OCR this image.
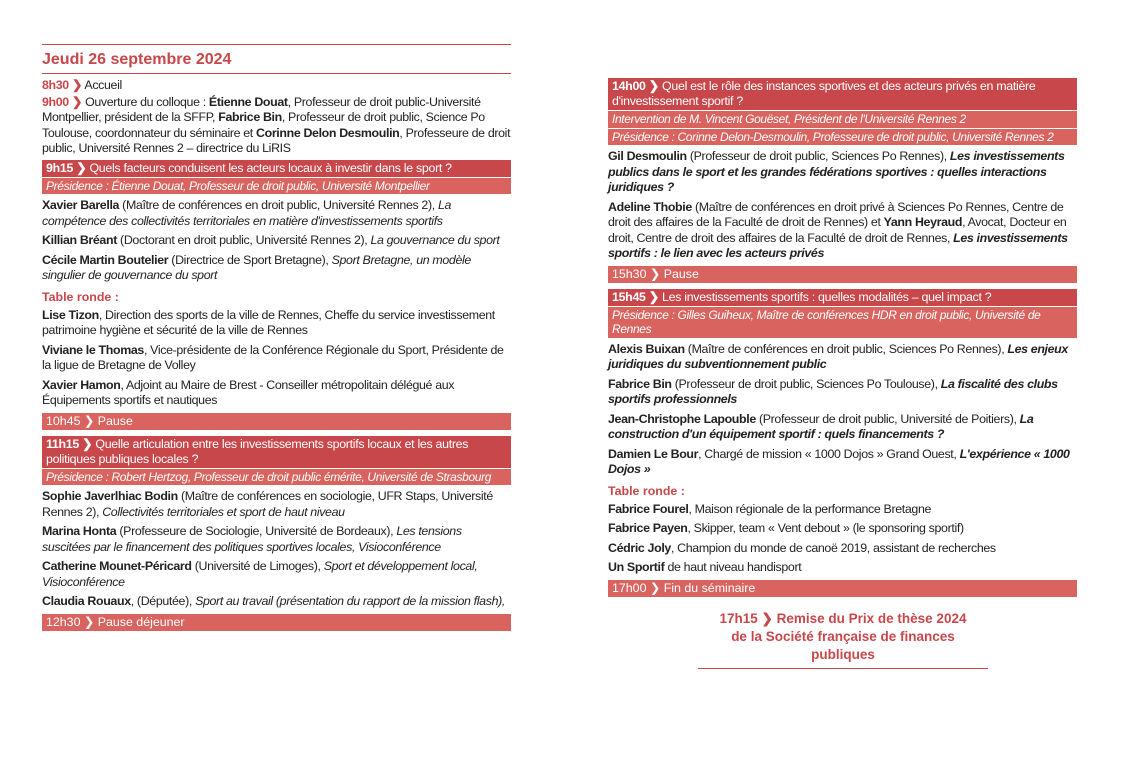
Jeudi 26 septembre 2024
8h30 ❯ Accueil
9h00 ❯ Ouverture du colloque : Étienne Douat, Professeur de droit public-Université Montpellier, président de la SFFP, Fabrice Bin, Professeur de droit public, Science Po Toulouse, coordonnateur du séminaire et Corinne Delon Desmoulin, Professeure de droit public, Université Rennes 2 – directrice du LiRIS
9h15 ❯ Quels facteurs conduisent les acteurs locaux à investir dans le sport ?
Présidence : Étienne Douat, Professeur de droit public, Université Montpellier
Xavier Barella (Maître de conférences en droit public, Université Rennes 2), La compétence des collectivités territoriales en matière d'investissements sportifs
Killian Bréant (Doctorant en droit public, Université Rennes 2), La gouvernance du sport
Cécile Martin Boutelier (Directrice de Sport Bretagne), Sport Bretagne, un modèle singulier de gouvernance du sport
Table ronde :
Lise Tizon, Direction des sports de la ville de Rennes, Cheffe du service investissement patrimoine hygiène et sécurité de la ville de Rennes
Viviane le Thomas, Vice-présidente de la Conférence Régionale du Sport, Présidente de la ligue de Bretagne de Volley
Xavier Hamon, Adjoint au Maire de Brest - Conseiller métropolitain délégué aux Équipements sportifs et nautiques
10h45 ❯ Pause
11h15 ❯ Quelle articulation entre les investissements sportifs locaux et les autres politiques publiques locales ?
Présidence : Robert Hertzog, Professeur de droit public émérite, Université de Strasbourg
Sophie Javerlhiac Bodin (Maître de conférences en sociologie, UFR Staps, Université Rennes 2), Collectivités territoriales et sport de haut niveau
Marina Honta (Professeure de Sociologie, Université de Bordeaux), Les tensions suscitées par le financement des politiques sportives locales, Visioconférence
Catherine Mounet-Péricard (Université de Limoges), Sport et développement local, Visioconférence
Claudia Rouaux, (Députée), Sport au travail (présentation du rapport de la mission flash),
12h30 ❯ Pause déjeuner
14h00 ❯ Quel est le rôle des instances sportives et des acteurs privés en matière d'investissement sportif ?
Intervention de M. Vincent Gouëset, Président de l'Université Rennes 2
Présidence : Corinne Delon-Desmoulin, Professeure de droit public, Université Rennes 2
Gil Desmoulin (Professeur de droit public, Sciences Po Rennes), Les investissements publics dans le sport et les grandes fédérations sportives : quelles interactions juridiques ?
Adeline Thobie (Maître de conférences en droit privé à Sciences Po Rennes, Centre de droit des affaires de la Faculté de droit de Rennes) et Yann Heyraud, Avocat, Docteur en droit, Centre de droit des affaires de la Faculté de droit de Rennes, Les investissements sportifs : le lien avec les acteurs privés
15h30 ❯ Pause
15h45 ❯ Les investissements sportifs : quelles modalités – quel impact ?
Présidence : Gilles Guiheux, Maître de conférences HDR en droit public, Université de Rennes
Alexis Buixan (Maître de conférences en droit public, Sciences Po Rennes), Les enjeux juridiques du subventionnement public
Fabrice Bin (Professeur de droit public, Sciences Po Toulouse), La fiscalité des clubs sportifs professionnels
Jean-Christophe Lapouble (Professeur de droit public, Université de Poitiers), La construction d'un équipement sportif : quels financements ?
Damien Le Bour, Chargé de mission « 1000 Dojos » Grand Ouest, L'expérience « 1000 Dojos »
Table ronde :
Fabrice Fourel, Maison régionale de la performance Bretagne
Fabrice Payen, Skipper, team « Vent debout » (le sponsoring sportif)
Cédric Joly, Champion du monde de canoë 2019, assistant de recherches
Un Sportif de haut niveau handisport
17h00 ❯ Fin du séminaire
17h15 ❯ Remise du Prix de thèse 2024
de la Société française de finances publiques
